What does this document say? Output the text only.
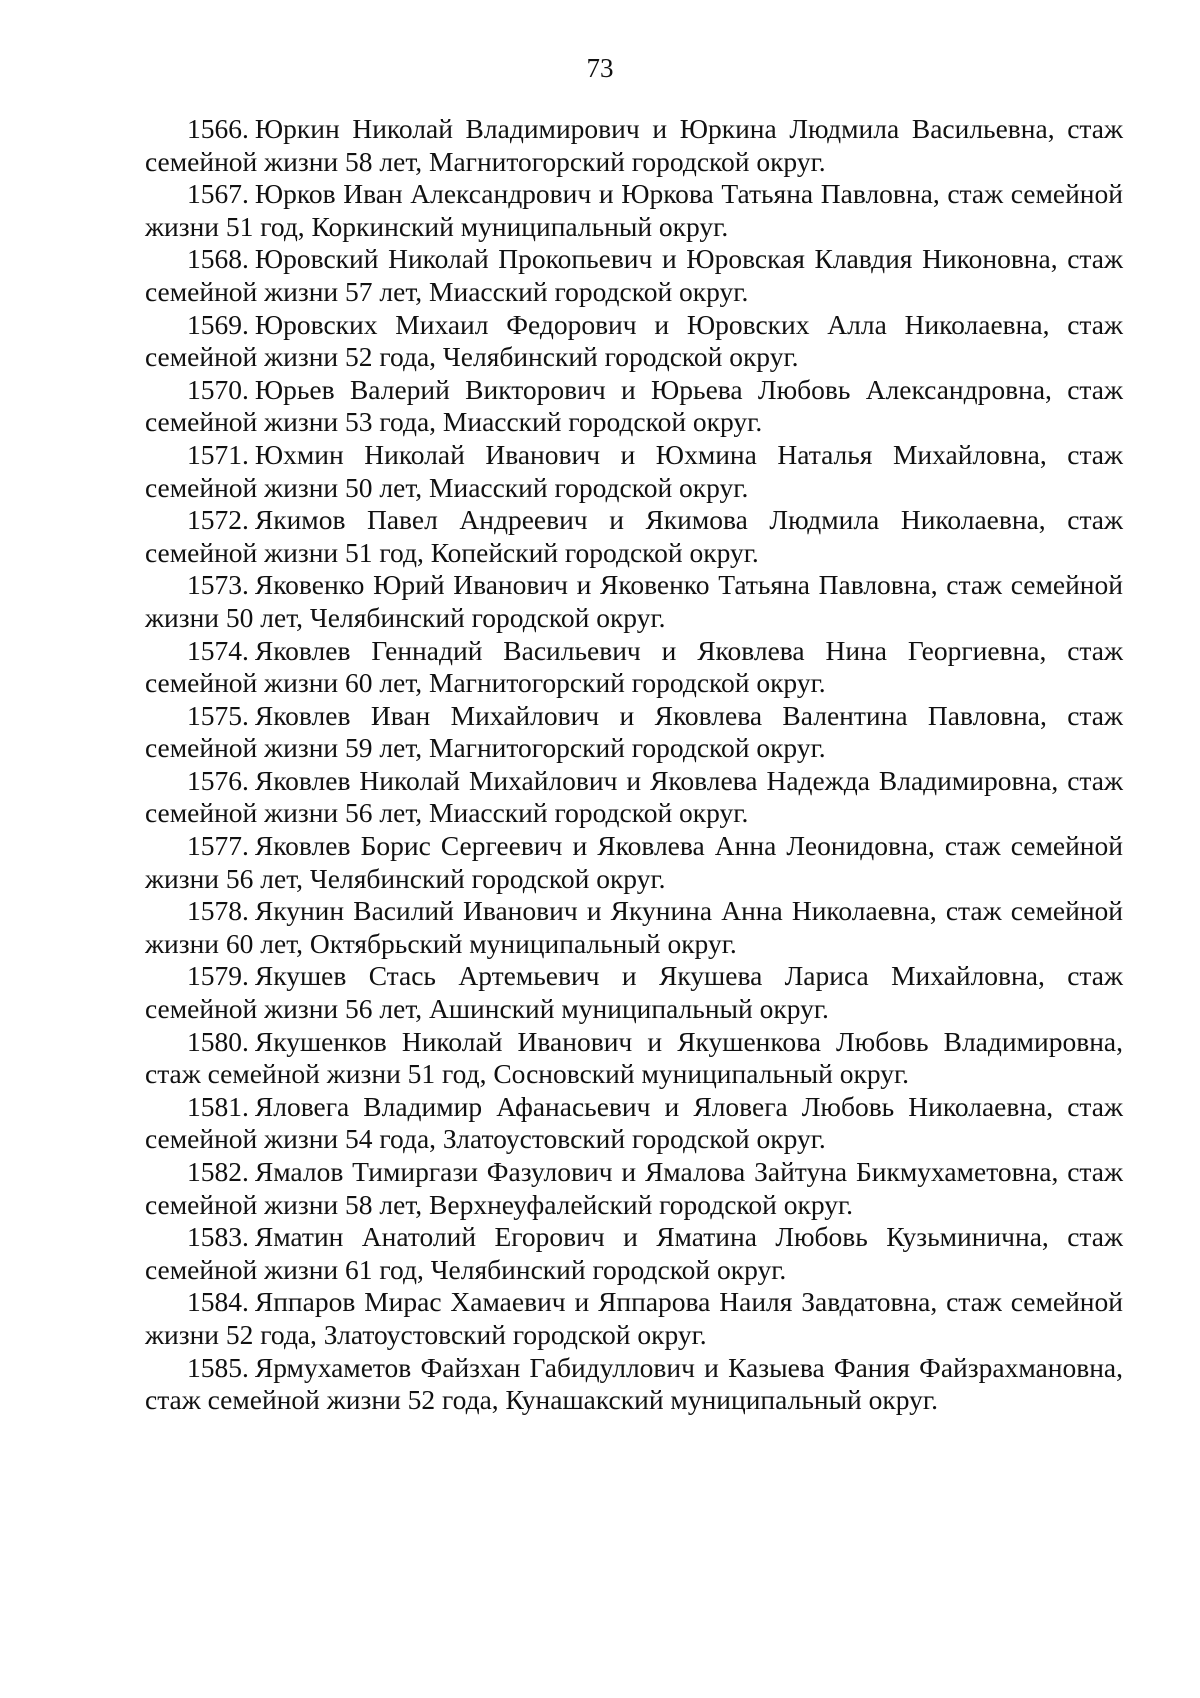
73

1566. Юркин Николай Владимирович и Юркина Людмила Васильевна, стаж семейной жизни 58 лет, Магнитогорский городской округ.

1567. Юрков Иван Александрович и Юркова Татьяна Павловна, стаж семейной жизни 51 год, Коркинский муниципальный округ.

1568. Юровский Николай Прокопьевич и Юровская Клавдия Никоновна, стаж семейной жизни 57 лет, Миасский городской округ.

1569. Юровских Михаил Федорович и Юровских Алла Николаевна, стаж семейной жизни 52 года, Челябинский городской округ.

1570. Юрьев Валерий Викторович и Юрьева Любовь Александровна, стаж семейной жизни 53 года, Миасский городской округ.

1571. Юхмин Николай Иванович и Юхмина Наталья Михайловна, стаж семейной жизни 50 лет, Миасский городской округ.

1572. Якимов Павел Андреевич и Якимова Людмила Николаевна, стаж семейной жизни 51 год, Копейский городской округ.

1573. Яковенко Юрий Иванович и Яковенко Татьяна Павловна, стаж семейной жизни 50 лет, Челябинский городской округ.

1574. Яковлев Геннадий Васильевич и Яковлева Нина Георгиевна, стаж семейной жизни 60 лет, Магнитогорский городской округ.

1575. Яковлев Иван Михайлович и Яковлева Валентина Павловна, стаж семейной жизни 59 лет, Магнитогорский городской округ.

1576. Яковлев Николай Михайлович и Яковлева Надежда Владимировна, стаж семейной жизни 56 лет, Миасский городской округ.

1577. Яковлев Борис Сергеевич и Яковлева Анна Леонидовна, стаж семейной жизни 56 лет, Челябинский городской округ.

1578. Якунин Василий Иванович и Якунина Анна Николаевна, стаж семейной жизни 60 лет, Октябрьский муниципальный округ.

1579. Якушев Стась Артемьевич и Якушева Лариса Михайловна, стаж семейной жизни 56 лет, Ашинский муниципальный округ.

1580. Якушенков Николай Иванович и Якушенкова Любовь Владимировна, стаж семейной жизни 51 год, Сосновский муниципальный округ.

1581. Яловега Владимир Афанасьевич и Яловега Любовь Николаевна, стаж семейной жизни 54 года, Златоустовский городской округ.

1582. Ямалов Тимиргази Фазулович и Ямалова Зайтуна Бикмухаметовна, стаж семейной жизни 58 лет, Верхнеуфалейский городской округ.

1583. Яматин Анатолий Егорович и Яматина Любовь Кузьминична, стаж семейной жизни 61 год, Челябинский городской округ.

1584. Яппаров Мирас Хамаевич и Яппарова Наиля Завдатовна, стаж семейной жизни 52 года, Златоустовский городской округ.

1585. Ярмухаметов Файзхан Габидуллович и Казыева Фания Файзрахмановна, стаж семейной жизни 52 года, Кунашакский муниципальный округ.
